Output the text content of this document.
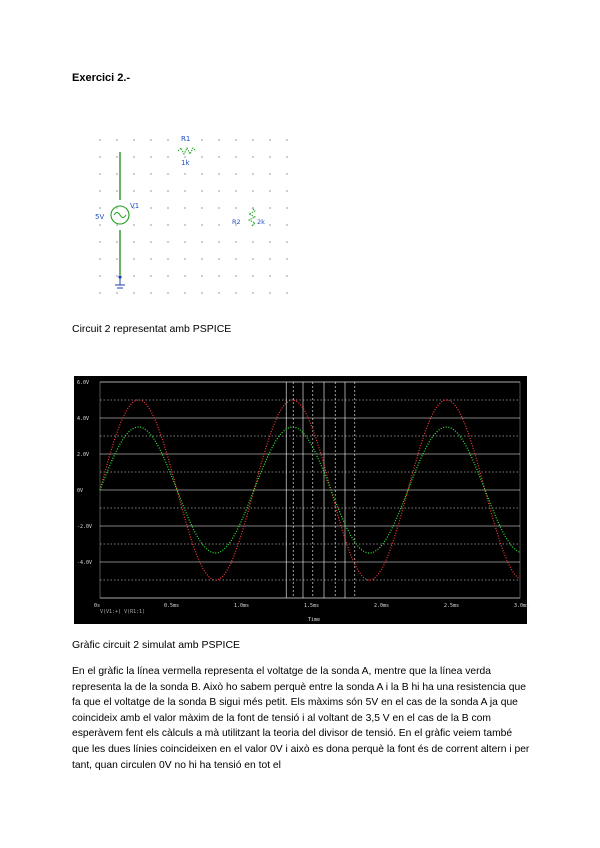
Exercici 2.-
V1
5V
R1
1k
R2	2k
Circuit 2 representat amb PSPICE
6.0V
4.0V
2.0V
0V
-2.0V
-4.0V
0s	0.5ms	1.0ms	1.5ms	2.0ms	2.5ms	3.0ms
V(V1:+) V(R1:1)
Time
Gràfic circuit 2 simulat amb PSPICE
En el gràfic la línea vermella representa el voltatge de la sonda A, mentre que la línea verda representa la de la sonda B. Això ho sabem perquè entre la sonda A i la B hi ha una resistencia que fa que el voltatge de la sonda B sigui més petit. Els màxims són 5V en el cas de la sonda A ja que coincideix amb el valor màxim de la font de tensió i al voltant de 3,5 V en el cas de la B com esperàvem fent els càlculs a mà utilitzant la teoria del divisor de tensió. En el gràfic veiem també que les dues línies coincideixen en el valor 0V i això es dona perquè la font és de corrent altern i per tant, quan circulen 0V no hi ha tensió en tot el
